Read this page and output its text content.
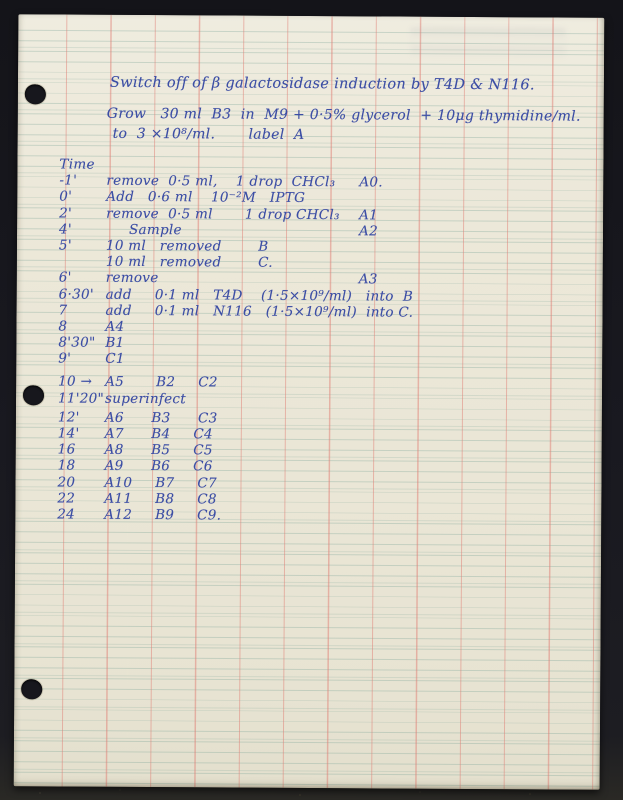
Switch off of β galactosidase induction by T4D & N116.
Grow   30 ml  B3  in  M9 + 0·5% glycerol  + 10μg thymidine/ml.
to  3 ×10⁸/ml.       label  A
Time
-1'	remove  0·5 ml,    1 drop  CHCl₃	A0.
0'	Add   0·6 ml    10⁻²M   IPTG
2'	remove  0·5 ml       1 drop CHCl₃	A1
4'	Sample	A2
5'	10 ml   removed        B
10 ml   removed        C.
6'	remove	A3
6·30' add     0·1 ml   T4D    (1·5×10⁹/ml)   into  B
7	add     0·1 ml   N116   (1·5×10⁹/ml)  into C.
8	A4
8'30" B1
9'	C1
10 → A5       B2     C2
11'20" superinfect
12'	A6      B3      C3
14'	A7      B4     C4
16	A8      B5     C5
18	A9      B6     C6
20	A10     B7     C7
22	A11     B8     C8
24	A12     B9     C9.
